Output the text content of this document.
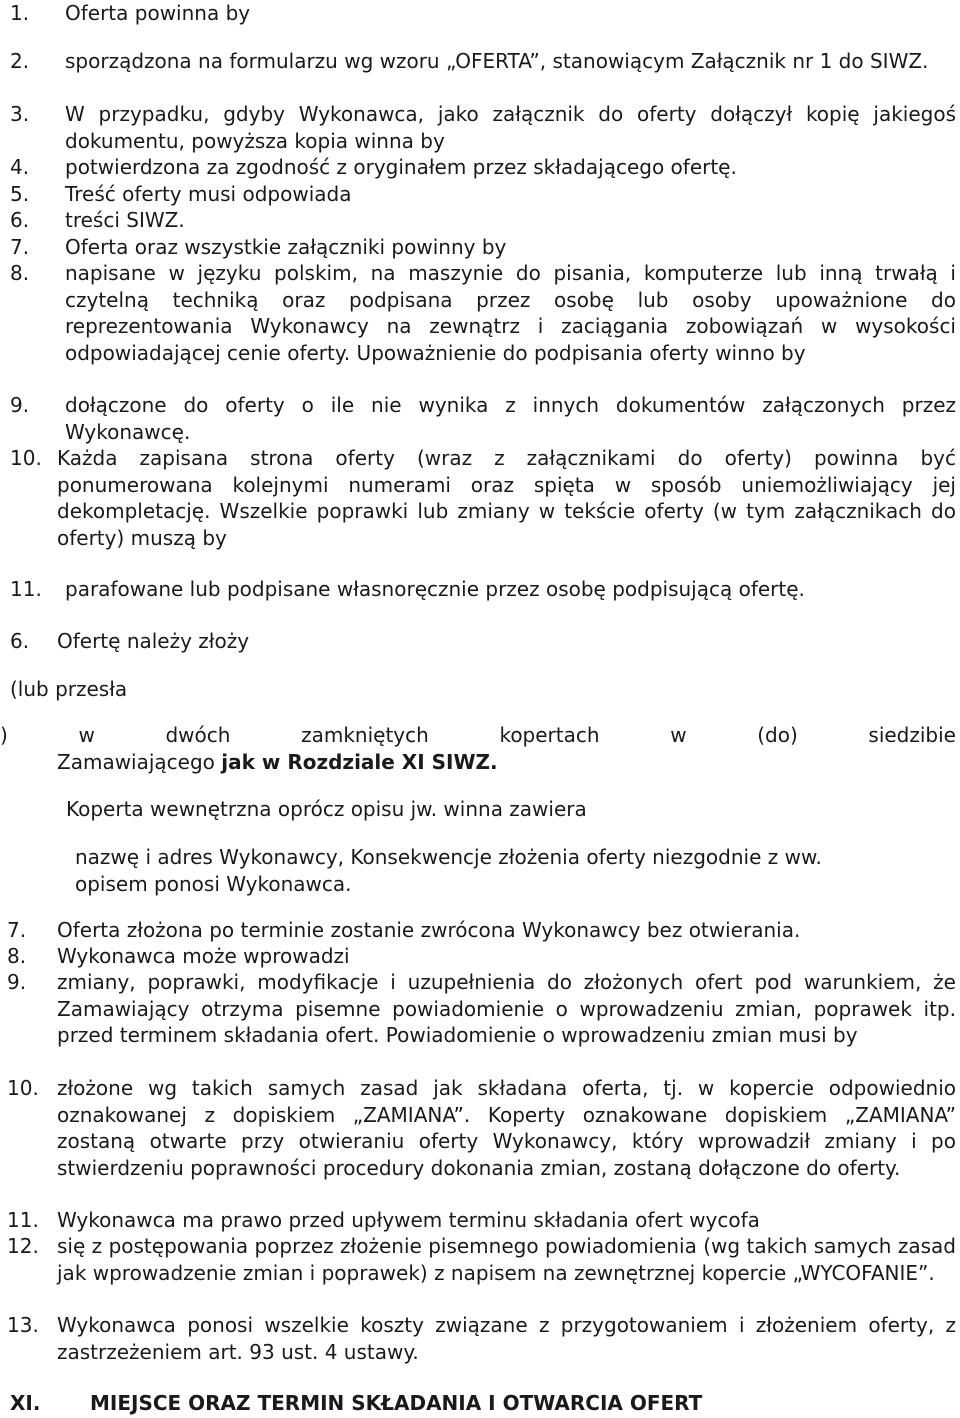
1.	Oferta powinna by
2.	sporządzona na formularzu wg wzoru „OFERTA”, stanowiącym Załącznik nr 1 do SIWZ.
3.	W przypadku, gdyby Wykonawca, jako załącznik do oferty dołączył kopię jakiegoś dokumentu, powyższa kopia winna by
4.	potwierdzona za zgodność z oryginałem przez składającego ofertę.
5.	Treść oferty musi odpowiada
6.	treści SIWZ.
7.	Oferta oraz wszystkie załączniki powinny by
8.	napisane w języku polskim, na maszynie do pisania, komputerze lub inną trwałą i czytelną techniką oraz podpisana przez osobę lub osoby upoważnione do reprezentowania Wykonawcy na zewnątrz i zaciągania zobowiązań w wysokości odpowiadającej cenie oferty. Upoważnienie do podpisania oferty winno by
9.	dołączone do oferty o ile nie wynika z innych dokumentów załączonych przez Wykonawcę.
10. Każda zapisana strona oferty (wraz z załącznikami do oferty) powinna być ponumerowana kolejnymi numerami oraz spięta w sposób uniemożliwiający jej dekompletację. Wszelkie poprawki lub zmiany w tekście oferty (w tym załącznikach do oferty) muszą by
11.	parafowane lub podpisane własnoręcznie przez osobę podpisującą ofertę.
6.	Ofertę należy złoży
(lub przesła
) w dwóch zamkniętych kopertach w (do) siedzibie
Zamawiającego jak w Rozdziale XI SIWZ.
Koperta wewnętrzna oprócz opisu jw. winna zawiera
nazwę i adres Wykonawcy, Konsekwencje złożenia oferty niezgodnie z ww. opisem ponosi Wykonawca.
7.	Oferta złożona po terminie zostanie zwrócona Wykonawcy bez otwierania.
8.	Wykonawca może wprowadzi
9.	zmiany, poprawki, modyfikacje i uzupełnienia do złożonych ofert pod warunkiem, że Zamawiający otrzyma pisemne powiadomienie o wprowadzeniu zmian, poprawek itp. przed terminem składania ofert. Powiadomienie o wprowadzeniu zmian musi by
10. złożone wg takich samych zasad jak składana oferta, tj. w kopercie odpowiednio oznakowanej z dopiskiem „ZAMIANA”. Koperty oznakowane dopiskiem „ZAMIANA” zostaną otwarte przy otwieraniu oferty Wykonawcy, który wprowadził zmiany i po stwierdzeniu poprawności procedury dokonania zmian, zostaną dołączone do oferty.
11. Wykonawca ma prawo przed upływem terminu składania ofert wycofa
12. się z postępowania poprzez złożenie pisemnego powiadomienia (wg takich samych zasad jak wprowadzenie zmian i poprawek) z napisem na zewnętrznej kopercie „WYCOFANIE”.
13. Wykonawca ponosi wszelkie koszty związane z przygotowaniem i złożeniem oferty, z zastrzeżeniem art. 93 ust. 4 ustawy.
XI. MIEJSCE ORAZ TERMIN SKŁADANIA I OTWARCIA OFERT
